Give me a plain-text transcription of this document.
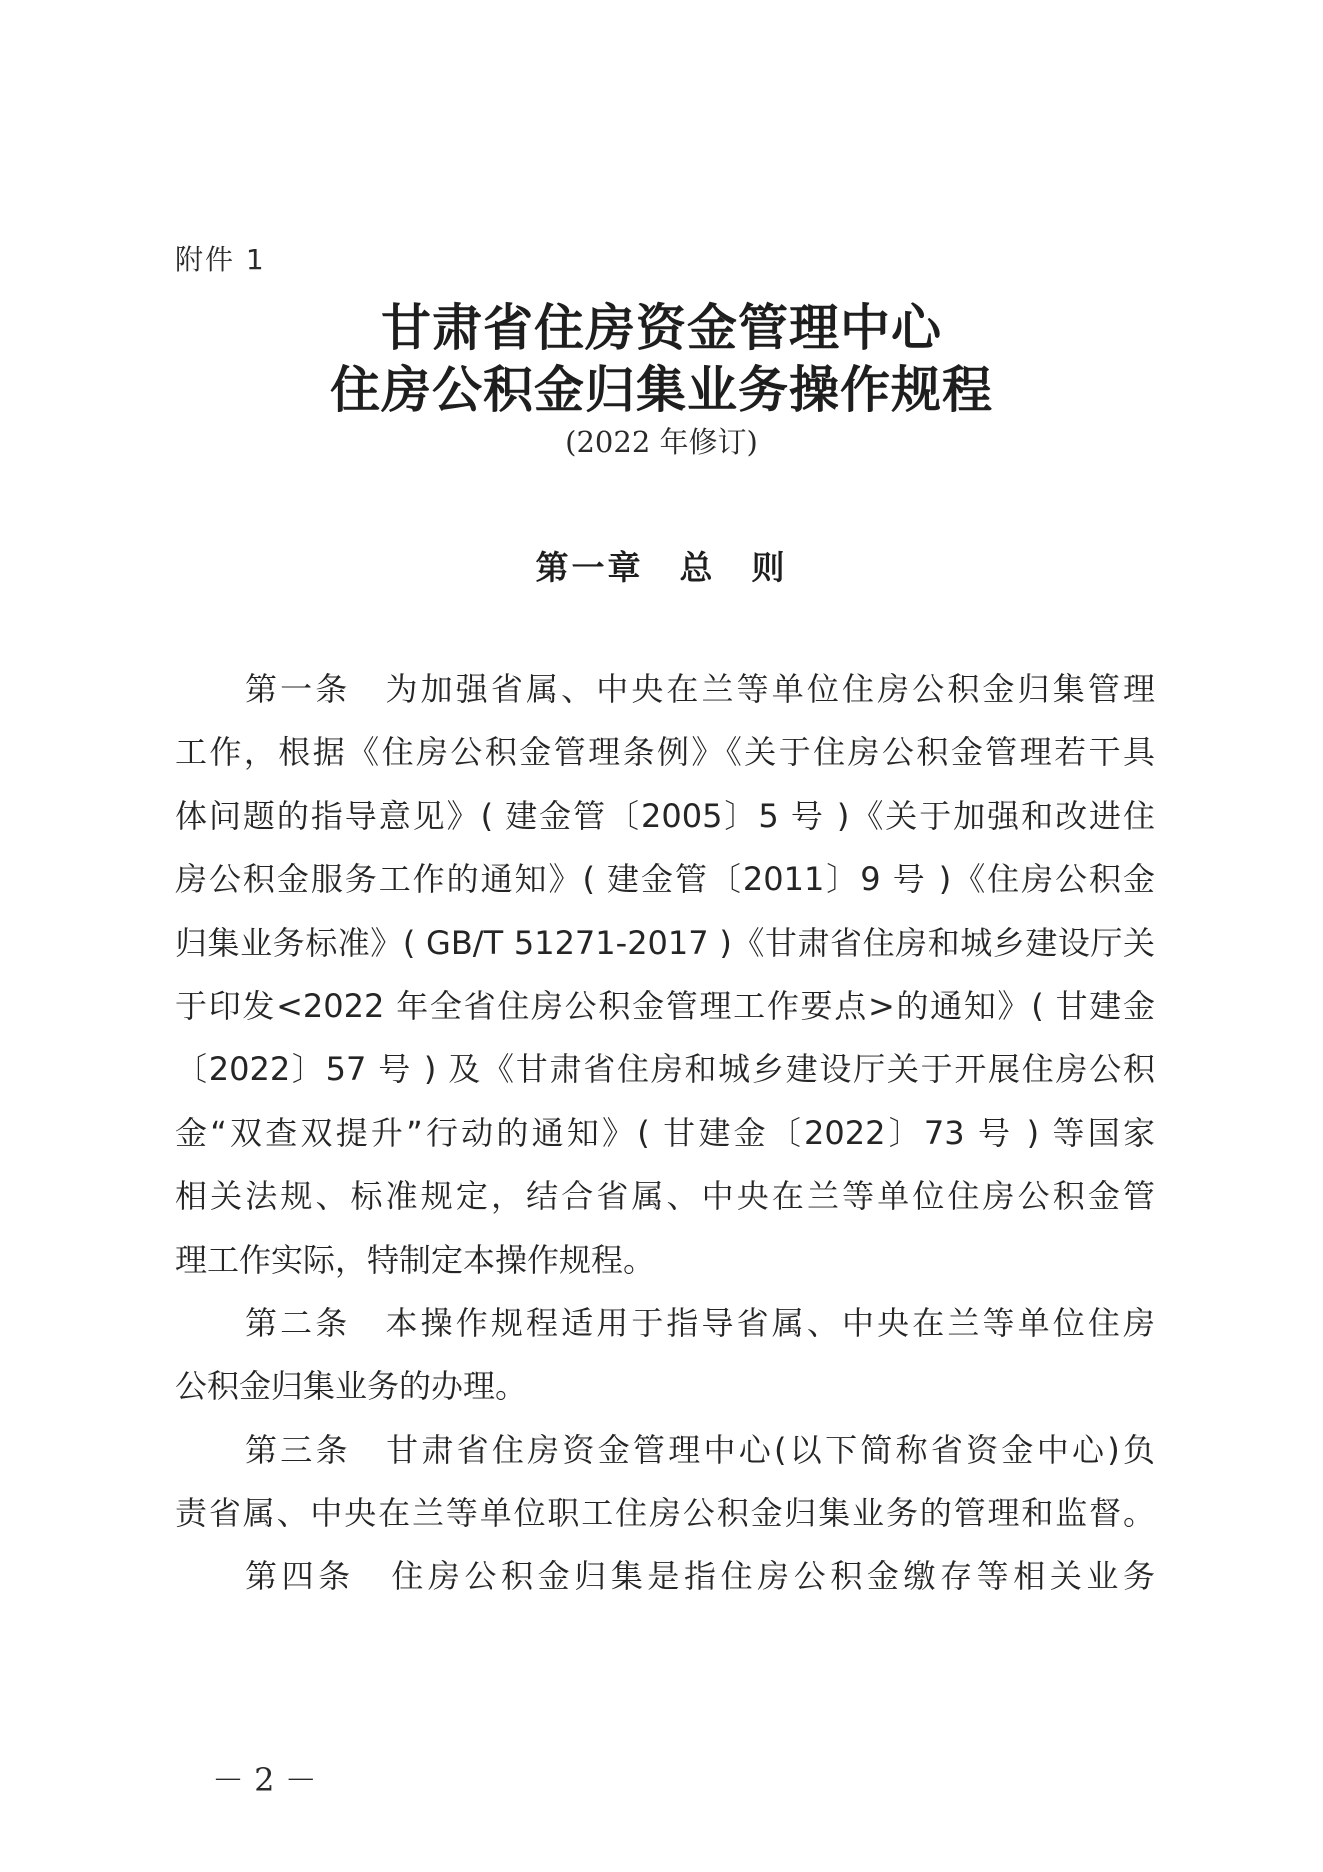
附件 1
甘肃省住房资金管理中心
住房公积金归集业务操作规程
(2022 年修订)
第一章　总　则
第一条　为加强省属、中央在兰等单位住房公积金归集管理
工作，根据《住房公积金管理条例》《关于住房公积金管理若干具
体问题的指导意见》( 建金管〔2005〕5 号 )《关于加强和改进住
房公积金服务工作的通知》( 建金管〔2011〕9 号 )《住房公积金
归集业务标准》( GB/T 51271-2017 )《甘肃省住房和城乡建设厅关
于印发<2022 年全省住房公积金管理工作要点>的通知》( 甘建金
〔2022〕57 号 ) 及《甘肃省住房和城乡建设厅关于开展住房公积
金“双查双提升”行动的通知》( 甘建金〔2022〕73 号 ) 等国家
相关法规、标准规定，结合省属、中央在兰等单位住房公积金管
理工作实际，特制定本操作规程。
第二条　本操作规程适用于指导省属、中央在兰等单位住房
公积金归集业务的办理。
第三条　甘肃省住房资金管理中心(以下简称省资金中心)负
责省属、中央在兰等单位职工住房公积金归集业务的管理和监督。
第四条　住房公积金归集是指住房公积金缴存等相关业务
－ 2 －
